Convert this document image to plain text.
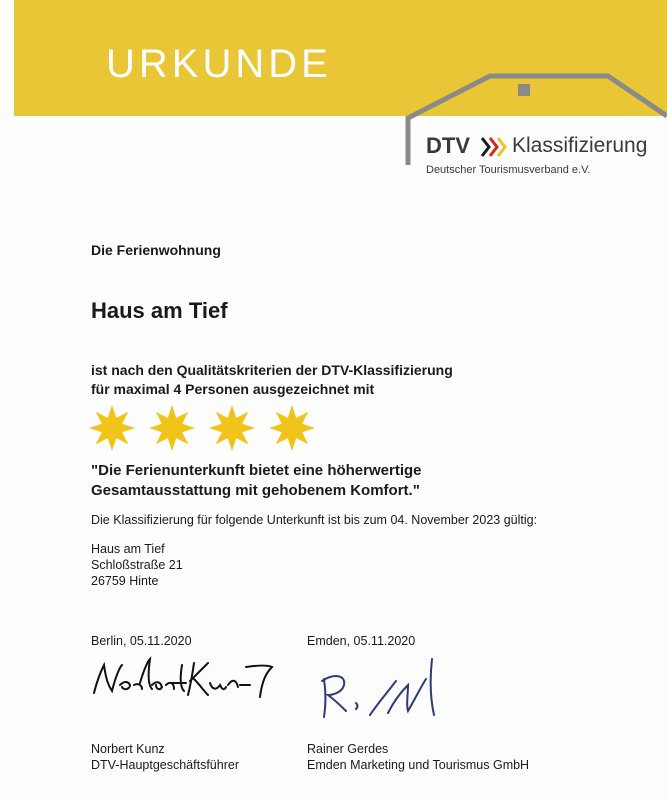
URKUNDE
DTV Klassifizierung
Deutscher Tourismusverband e.V.

Die Ferienwohnung

Haus am Tief

ist nach den Qualitätskriterien der DTV-Klassifizierung
für maximal 4 Personen ausgezeichnet mit
"Die Ferienunterkunft bietet eine höherwertige
Gesamtausstattung mit gehobenem Komfort."

Die Klassifizierung für folgende Unterkunft ist bis zum 04. November 2023 gültig:

Haus am Tief
Schloßstraße 21
26759 Hinte

Berlin, 05.11.2020	Emden, 05.11.2020

Norbert Kunz
DTV-Hauptgeschäftsführer
Rainer Gerdes
Emden Marketing und Tourismus GmbH
